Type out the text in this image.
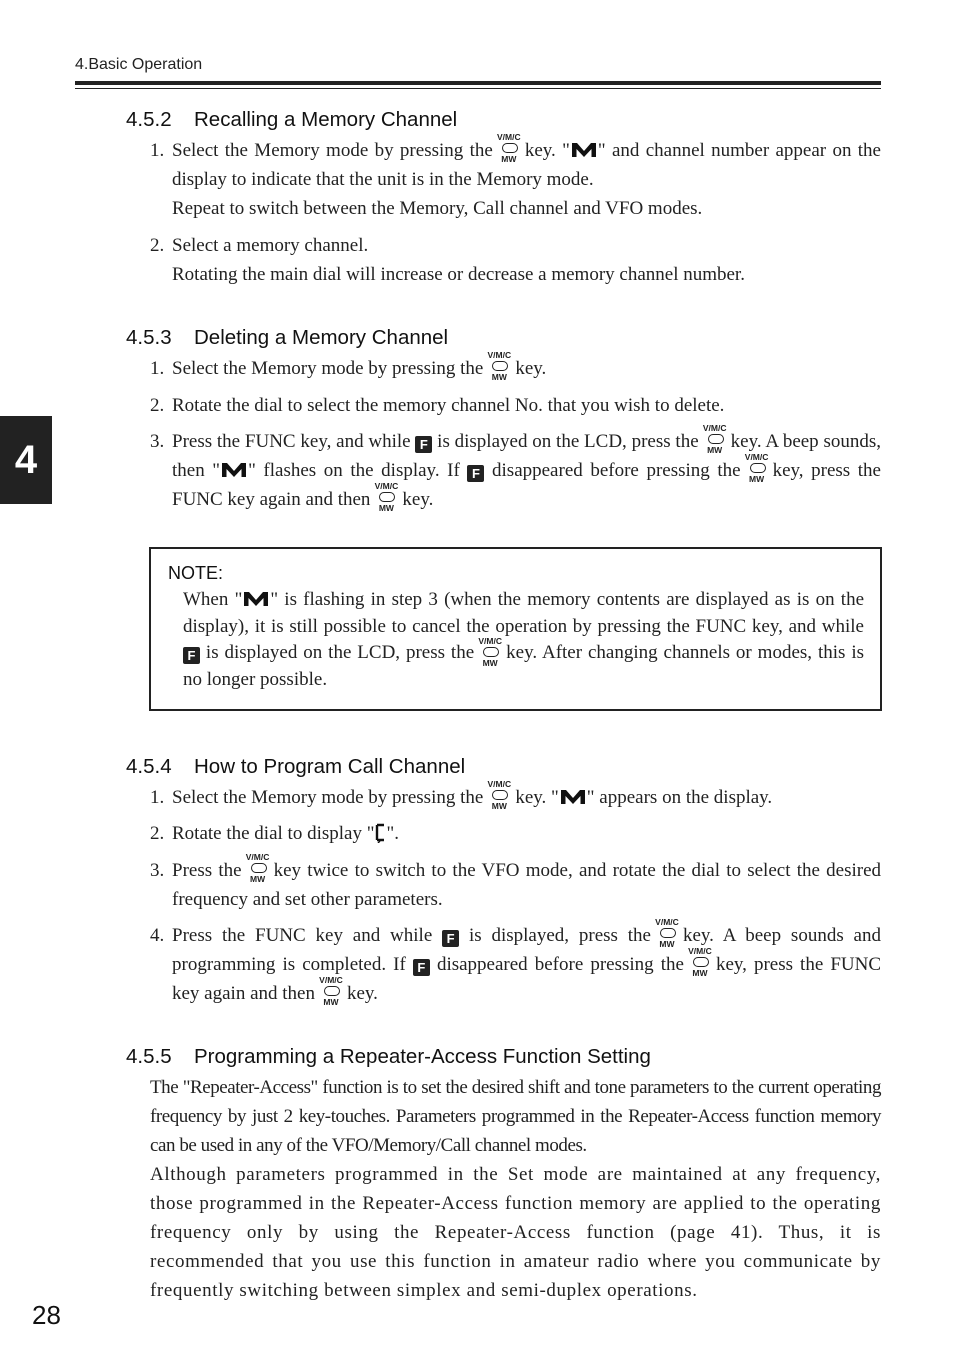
4.Basic Operation
4
4.5.2 Recalling a Memory Channel
1. Select the Memory mode by pressing the
V/M/C
MW key. " " and channel number appear on the display to indicate that the unit is in the Memory mode.

Repeat to switch between the Memory, Call channel and VFO modes.

2. Select a memory channel.

Rotating the main dial will increase or decrease a memory channel number.

4.5.3 Deleting a Memory Channel
1. Select the Memory mode by pressing the
V/M/C
MW key.

2. Rotate the dial to select the memory channel No. that you wish to delete.

3. Press the FUNC key, and while F is displayed on the LCD, press the
V/M/C
MW key. A beep sounds, then " " flashes on the display. If F disappeared before pressing the
V/M/C
MW key, press the FUNC key again and then
V/M/C
MW key.

NOTE:
When " " is flashing in step 3 (when the memory contents are displayed as is on the display), it is still possible to cancel the operation by pressing the FUNC key, and while F is displayed on the LCD, press the
V/M/C
MW key. After changing channels or modes, this is no longer possible.
4.5.4 How to Program Call Channel
1. Select the Memory mode by pressing the
V/M/C
MW key. " " appears on the display.

2. Rotate the dial to display " ".

3. Press the
V/M/C
MW key twice to switch to the VFO mode, and rotate the dial to select the desired frequency and set other parameters.

4. Press the FUNC key and while F is displayed, press the
V/M/C
MW key. A beep sounds and programming is completed. If F disappeared before pressing the
V/M/C
MW key, press the FUNC key again and then
V/M/C
MW key.

4.5.5 Programming a Repeater-Access Function Setting
The "Repeater-Access" function is to set the desired shift and tone parameters to the current operating frequency by just 2 key-touches. Parameters programmed in the Repeater-Access function memory can be used in any of the VFO/Memory/Call channel modes.
Although parameters programmed in the Set mode are maintained at any frequency, those programmed in the Repeater-Access function memory are applied to the operating frequency only by using the Repeater-Access function (page 41). Thus, it is recommended that you use this function in amateur radio where you communicate by frequently switching between simplex and semi-duplex operations.
28
